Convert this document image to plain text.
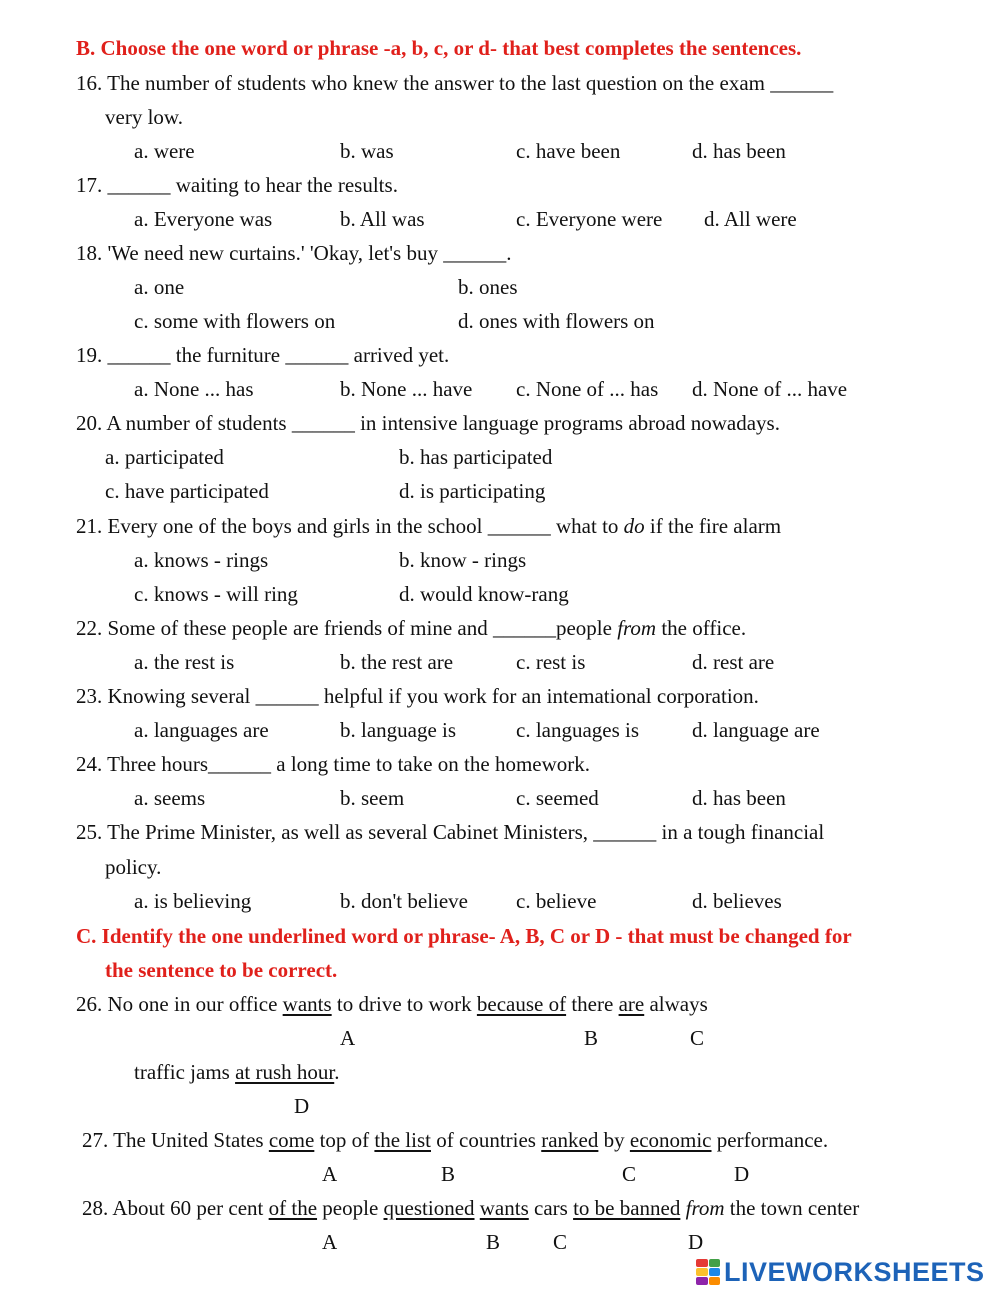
B. Choose the one word or phrase -a, b, c, or d- that best completes the sentences.
16. The number of students who knew the answer to the last question on the exam ______
very low.
a. were	b. was	c. have been	d. has been
17. ______ waiting to hear the results.
a. Everyone was	b. All was	c. Everyone were d. All were
18. 'We need new curtains.' 'Okay, let's buy ______.
a. one	b. ones
c. some with flowers on	d. ones with flowers on
19. ______ the furniture ______ arrived yet.
a. None ... has	b. None ... have c. None of ... has d. None of ... have
20. A number of students ______ in intensive language programs abroad nowadays.
a. participated	b. has participated
c. have participated	d. is participating
21. Every one of the boys and girls in the school ______ what to do if the fire alarm
a. knows - rings	b. know - rings
c. knows - will ring	d. would know-rang
22. Some of these people are friends of mine and ______people from the office.
a. the rest is	b. the rest are	c. rest is	d. rest are
23. Knowing several ______ helpful if you work for an intemational corporation.
a. languages are	b. language is	c. languages is	d. language are
24. Three hours______ a long time to take on the homework.
a. seems	b. seem	c. seemed	d. has been
25. The Prime Minister, as well as several Cabinet Ministers, ______ in a tough financial
policy.
a. is believing	b. don't believe c. believe	d. believes
C. Identify the one underlined word or phrase- A, B, C or D - that must be changed for
the sentence to be correct.
26. No one in our office wants to drive to work because of there are always
A	B	C
traffic jams at rush hour.
D
27. The United States come top of the list of countries ranked by economic performance.
A	B	C	D
28. About 60 per cent of the people questioned wants cars to be banned from the town center
A	B	C	D
LIVEWORKSHEETS
